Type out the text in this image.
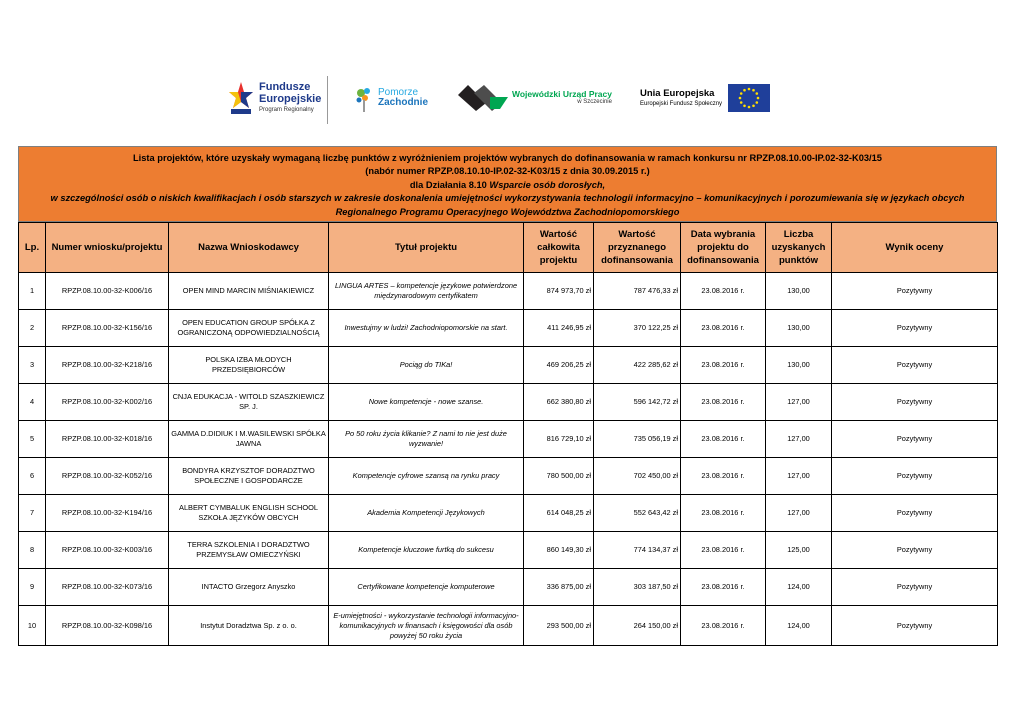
Fundusze
Europejskie
Program Regionalny
Pomorze
Zachodnie
Wojewódzki Urząd Pracy
w Szczecinie
Unia Europejska
Europejski Fundusz Społeczny
Lista projektów, które uzyskały wymaganą liczbę punktów z wyróżnieniem projektów wybranych do dofinansowania w ramach konkursu nr RPZP.08.10.00-IP.02-32-K03/15
(nabór numer RPZP.08.10.10-IP.02-32-K03/15 z dnia 30.09.2015 r.)
dla Działania 8.10 Wsparcie osób dorosłych,
w szczególności osób o niskich kwalifikacjach i osób starszych w zakresie doskonalenia umiejętności wykorzystywania technologii informacyjno – komunikacyjnych i porozumiewania się w językach obcych
Regionalnego Programu Operacyjnego Województwa Zachodniopomorskiego
Lp.	Numer wniosku/projektu	Nazwa Wnioskodawcy	Tytuł projektu	Wartość całkowita projektu	Wartość przyznanego dofinansowania	Data wybrania projektu do dofinansowania	Liczba uzyskanych punktów	Wynik oceny
1	RPZP.08.10.00-32-K006/16	OPEN MIND MARCIN MIŚNIAKIEWICZ	LINGUA ARTES – kompetencje językowe potwierdzone międzynarodowym certyfikatem	874 973,70 zł	787 476,33 zł	23.08.2016 r.	130,00	Pozytywny
2	RPZP.08.10.00-32-K156/16	OPEN EDUCATION GROUP SPÓŁKA Z OGRANICZONĄ ODPOWIEDZIALNOŚCIĄ	Inwestujmy w ludzi! Zachodniopomorskie na start.	411 246,95 zł	370 122,25 zł	23.08.2016 r.	130,00	Pozytywny
3	RPZP.08.10.00-32-K218/16	POLSKA IZBA MŁODYCH PRZEDSIĘBIORCÓW	Pociąg do TIKa!	469 206,25 zł	422 285,62 zł	23.08.2016 r.	130,00	Pozytywny
4	RPZP.08.10.00-32-K002/16	CNJA EDUKACJA - WITOLD SZASZKIEWICZ SP. J.	Nowe kompetencje - nowe szanse.	662 380,80 zł	596 142,72 zł	23.08.2016 r.	127,00	Pozytywny
5	RPZP.08.10.00-32-K018/16	GAMMA D.DIDIUK I M.WASILEWSKI SPÓŁKA JAWNA	Po 50 roku życia klikanie? Z nami to nie jest duże wyzwanie!	816 729,10 zł	735 056,19 zł	23.08.2016 r.	127,00	Pozytywny
6	RPZP.08.10.00-32-K052/16	BONDYRA KRZYSZTOF DORADZTWO SPOŁECZNE I GOSPODARCZE	Kompetencje cyfrowe szansą na rynku pracy	780 500,00 zł	702 450,00 zł	23.08.2016 r.	127,00	Pozytywny
7	RPZP.08.10.00-32-K194/16	ALBERT CYMBALUK ENGLISH SCHOOL SZKOŁA JĘZYKÓW OBCYCH	Akademia Kompetencji Językowych	614 048,25 zł	552 643,42 zł	23.08.2016 r.	127,00	Pozytywny
8	RPZP.08.10.00-32-K003/16	TERRA SZKOLENIA I DORADZTWO PRZEMYSŁAW OMIECZYŃSKI	Kompetencje kluczowe furtką do sukcesu	860 149,30 zł	774 134,37 zł	23.08.2016 r.	125,00	Pozytywny
9	RPZP.08.10.00-32-K073/16	INTACTO Grzegorz Anyszko	Certyfikowane kompetencje komputerowe	336 875,00 zł	303 187,50 zł	23.08.2016 r.	124,00	Pozytywny
10	RPZP.08.10.00-32-K098/16	Instytut Doradztwa Sp. z o. o.	E-umiejętności - wykorzystanie technologii informacyjno-komunikacyjnych w finansach i księgowości dla osób powyżej 50 roku życia	293 500,00 zł	264 150,00 zł	23.08.2016 r.	124,00	Pozytywny
